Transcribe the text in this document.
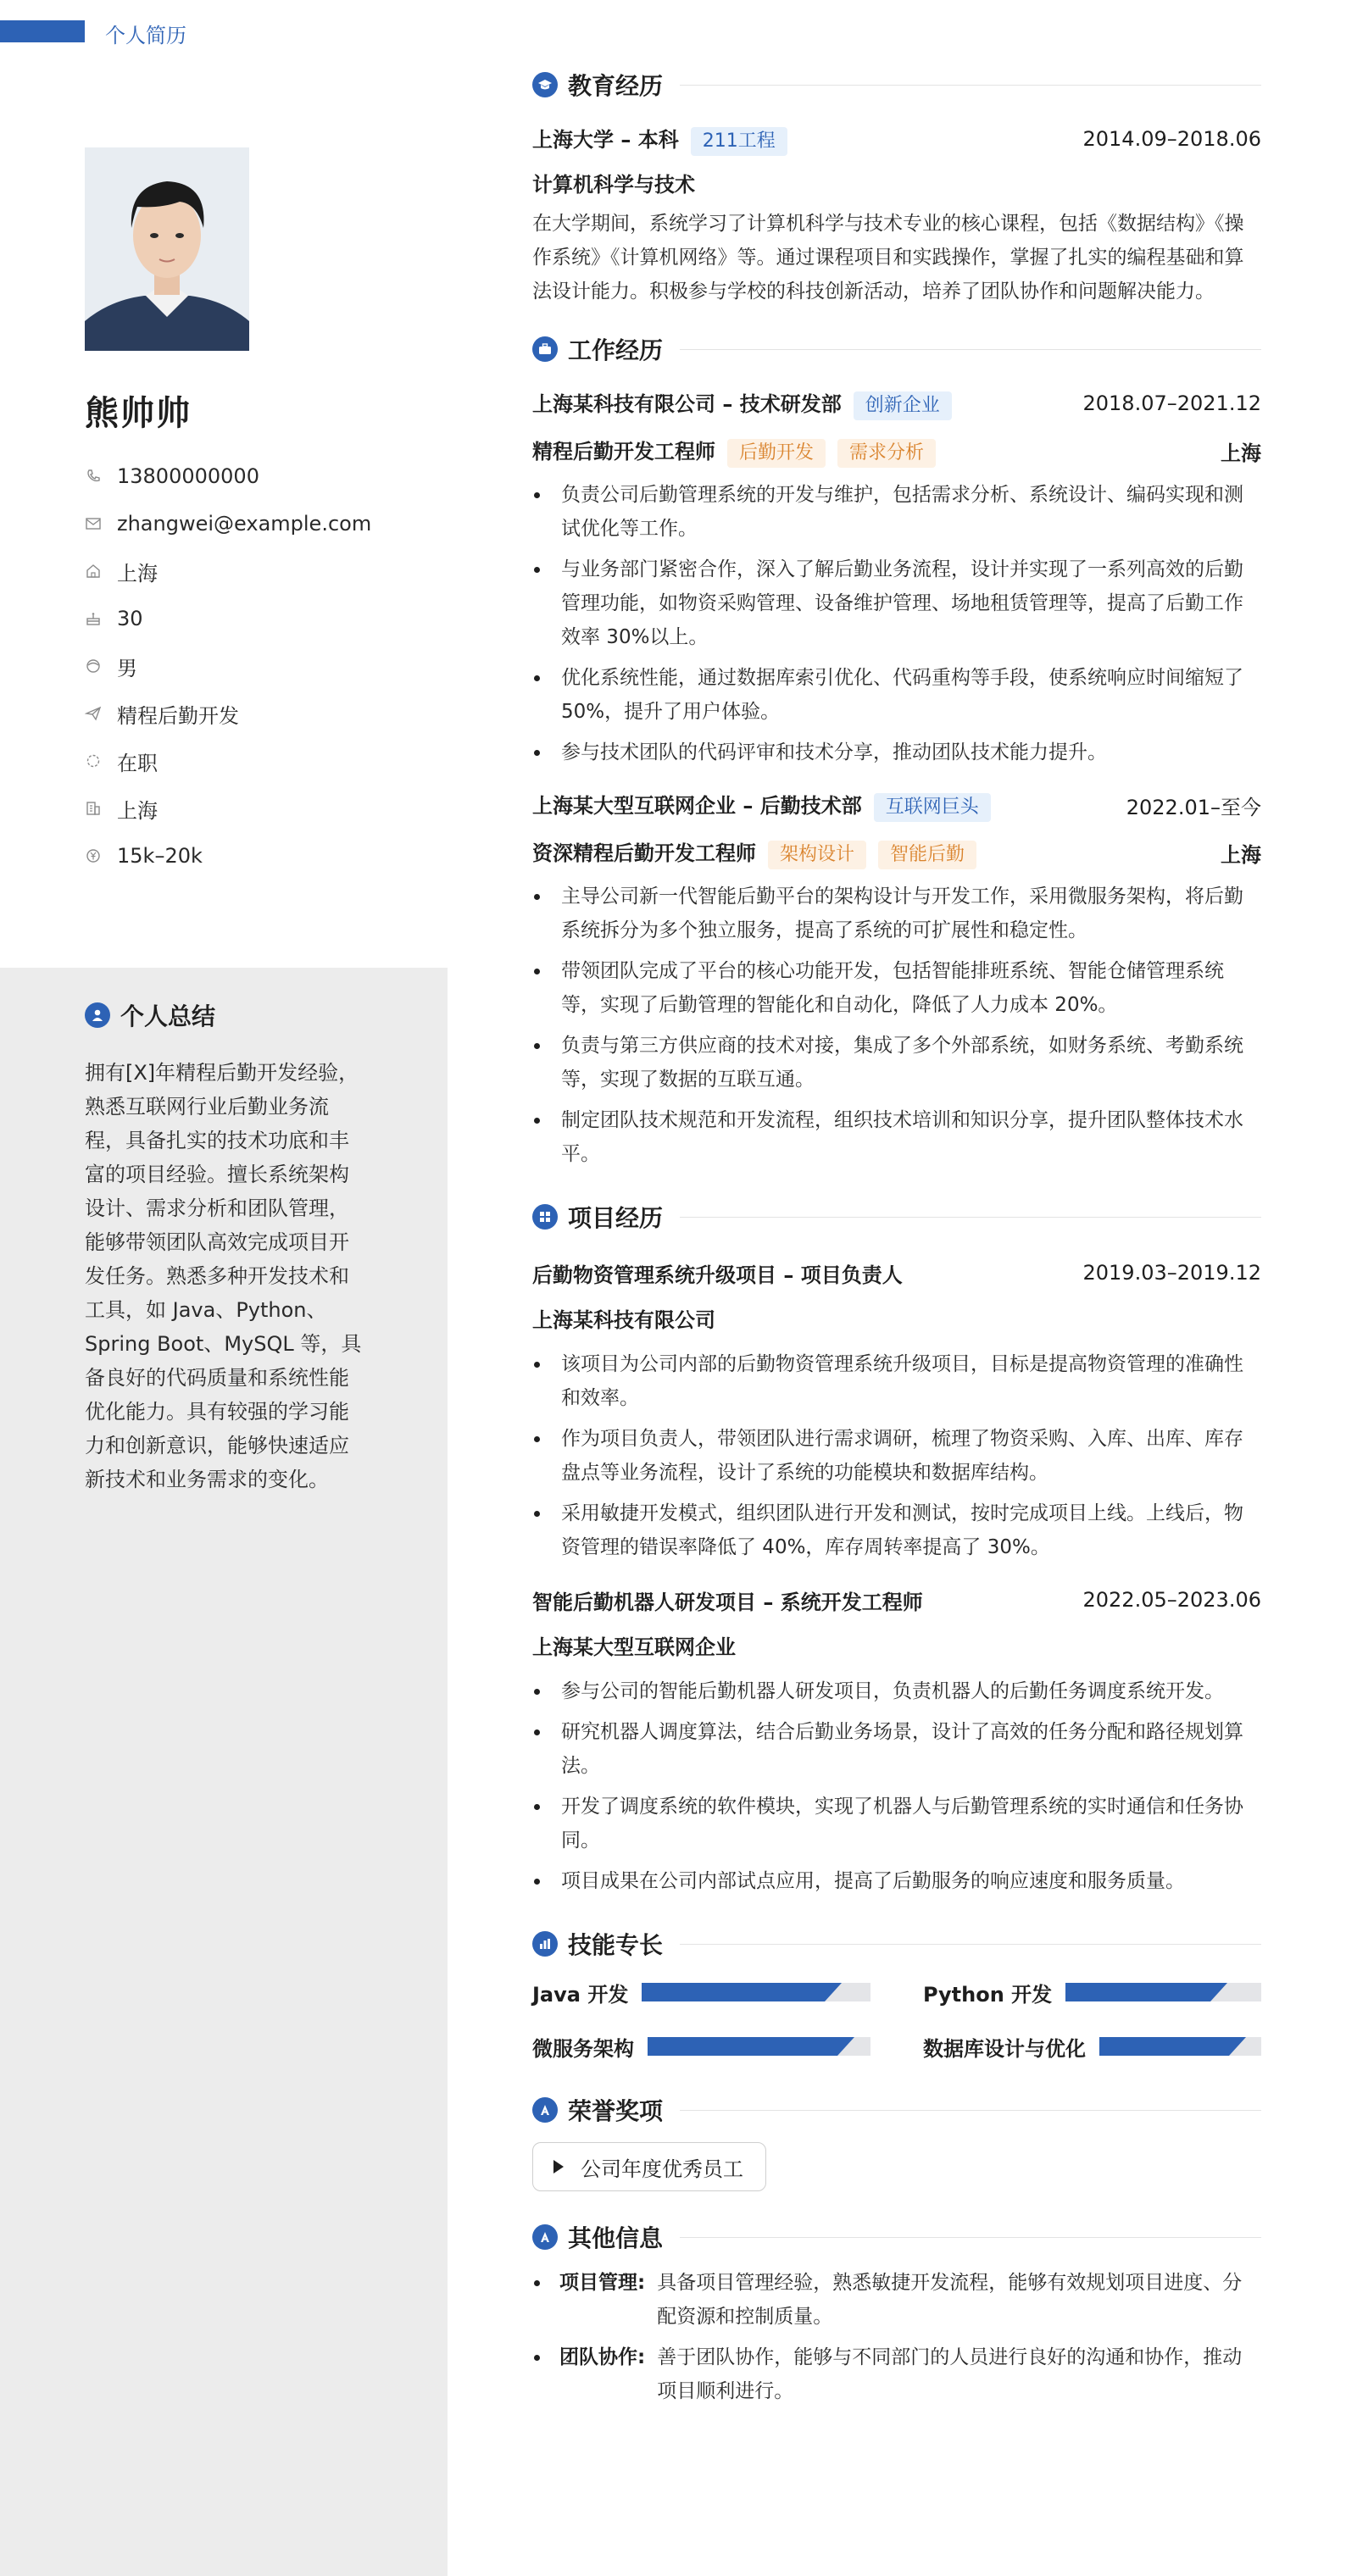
个人简历
熊帅帅
13800000000
zhangwei@example.com
上海
30
男
精程后勤开发
在职
上海
15k–20k
个人总结
拥有[X]年精程后勤开发经验，熟悉互联网行业后勤业务流程，具备扎实的技术功底和丰富的项目经验。擅长系统架构设计、需求分析和团队管理，能够带领团队高效完成项目开发任务。熟悉多种开发技术和工具，如 Java、Python、Spring Boot、MySQL 等，具备良好的代码质量和系统性能优化能力。具有较强的学习能力和创新意识，能够快速适应新技术和业务需求的变化。
教育经历
上海大学 – 本科 211工程	2014.09–2018.06
计算机科学与技术
在大学期间，系统学习了计算机科学与技术专业的核心课程，包括《数据结构》《操作系统》《计算机网络》等。通过课程项目和实践操作，掌握了扎实的编程基础和算法设计能力。积极参与学校的科技创新活动，培养了团队协作和问题解决能力。
工作经历
上海某科技有限公司 – 技术研发部 创新企业	2018.07–2021.12
精程后勤开发工程师 后勤开发 需求分析	上海
负责公司后勤管理系统的开发与维护，包括需求分析、系统设计、编码实现和测试优化等工作。
与业务部门紧密合作，深入了解后勤业务流程，设计并实现了一系列高效的后勤管理功能，如物资采购管理、设备维护管理、场地租赁管理等，提高了后勤工作效率 30%以上。
优化系统性能，通过数据库索引优化、代码重构等手段，使系统响应时间缩短了 50%，提升了用户体验。
参与技术团队的代码评审和技术分享，推动团队技术能力提升。
上海某大型互联网企业 – 后勤技术部 互联网巨头	2022.01–至今
资深精程后勤开发工程师 架构设计 智能后勤	上海
主导公司新一代智能后勤平台的架构设计与开发工作，采用微服务架构，将后勤系统拆分为多个独立服务，提高了系统的可扩展性和稳定性。
带领团队完成了平台的核心功能开发，包括智能排班系统、智能仓储管理系统等，实现了后勤管理的智能化和自动化，降低了人力成本 20%。
负责与第三方供应商的技术对接，集成了多个外部系统，如财务系统、考勤系统等，实现了数据的互联互通。
制定团队技术规范和开发流程，组织技术培训和知识分享，提升团队整体技术水平。
项目经历
后勤物资管理系统升级项目 – 项目负责人	2019.03–2019.12
上海某科技有限公司
该项目为公司内部的后勤物资管理系统升级项目，目标是提高物资管理的准确性和效率。
作为项目负责人，带领团队进行需求调研，梳理了物资采购、入库、出库、库存盘点等业务流程，设计了系统的功能模块和数据库结构。
采用敏捷开发模式，组织团队进行开发和测试，按时完成项目上线。上线后，物资管理的错误率降低了 40%，库存周转率提高了 30%。
智能后勤机器人研发项目 – 系统开发工程师	2022.05–2023.06
上海某大型互联网企业
参与公司的智能后勤机器人研发项目，负责机器人的后勤任务调度系统开发。
研究机器人调度算法，结合后勤业务场景，设计了高效的任务分配和路径规划算法。
开发了调度系统的软件模块，实现了机器人与后勤管理系统的实时通信和任务协同。
项目成果在公司内部试点应用，提高了后勤服务的响应速度和服务质量。
技能专长
Java 开发	Python 开发
微服务架构	数据库设计与优化
荣誉奖项
公司年度优秀员工
其他信息
项目管理: 具备项目管理经验，熟悉敏捷开发流程，能够有效规划项目进度、分配资源和控制质量。
团队协作: 善于团队协作，能够与不同部门的人员进行良好的沟通和协作，推动项目顺利进行。
